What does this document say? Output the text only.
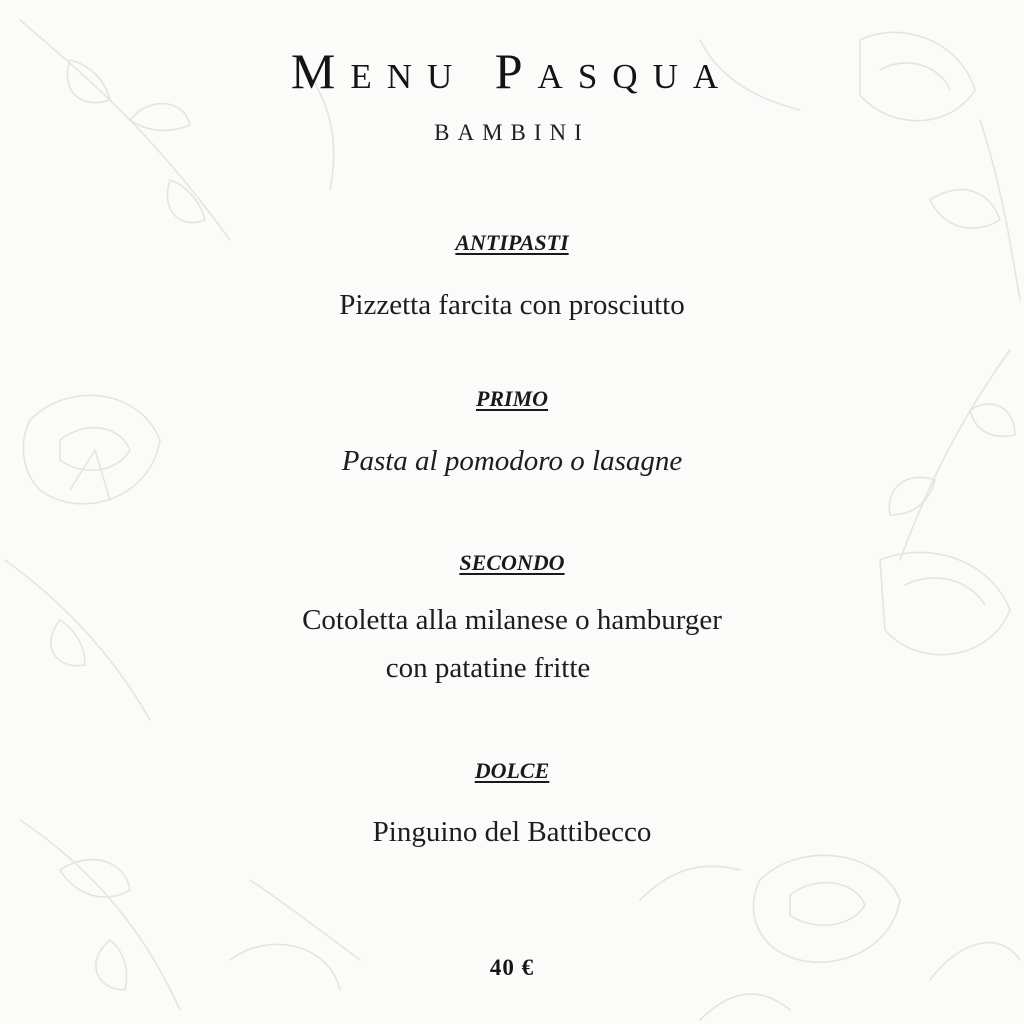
Menu Pasqua
BAMBINI
ANTIPASTI
Pizzetta farcita con prosciutto
PRIMO
Pasta al pomodoro o lasagne
SECONDO
Cotoletta alla milanese o hamburger
con patatine fritte
DOLCE
Pinguino del Battibecco
40 €
